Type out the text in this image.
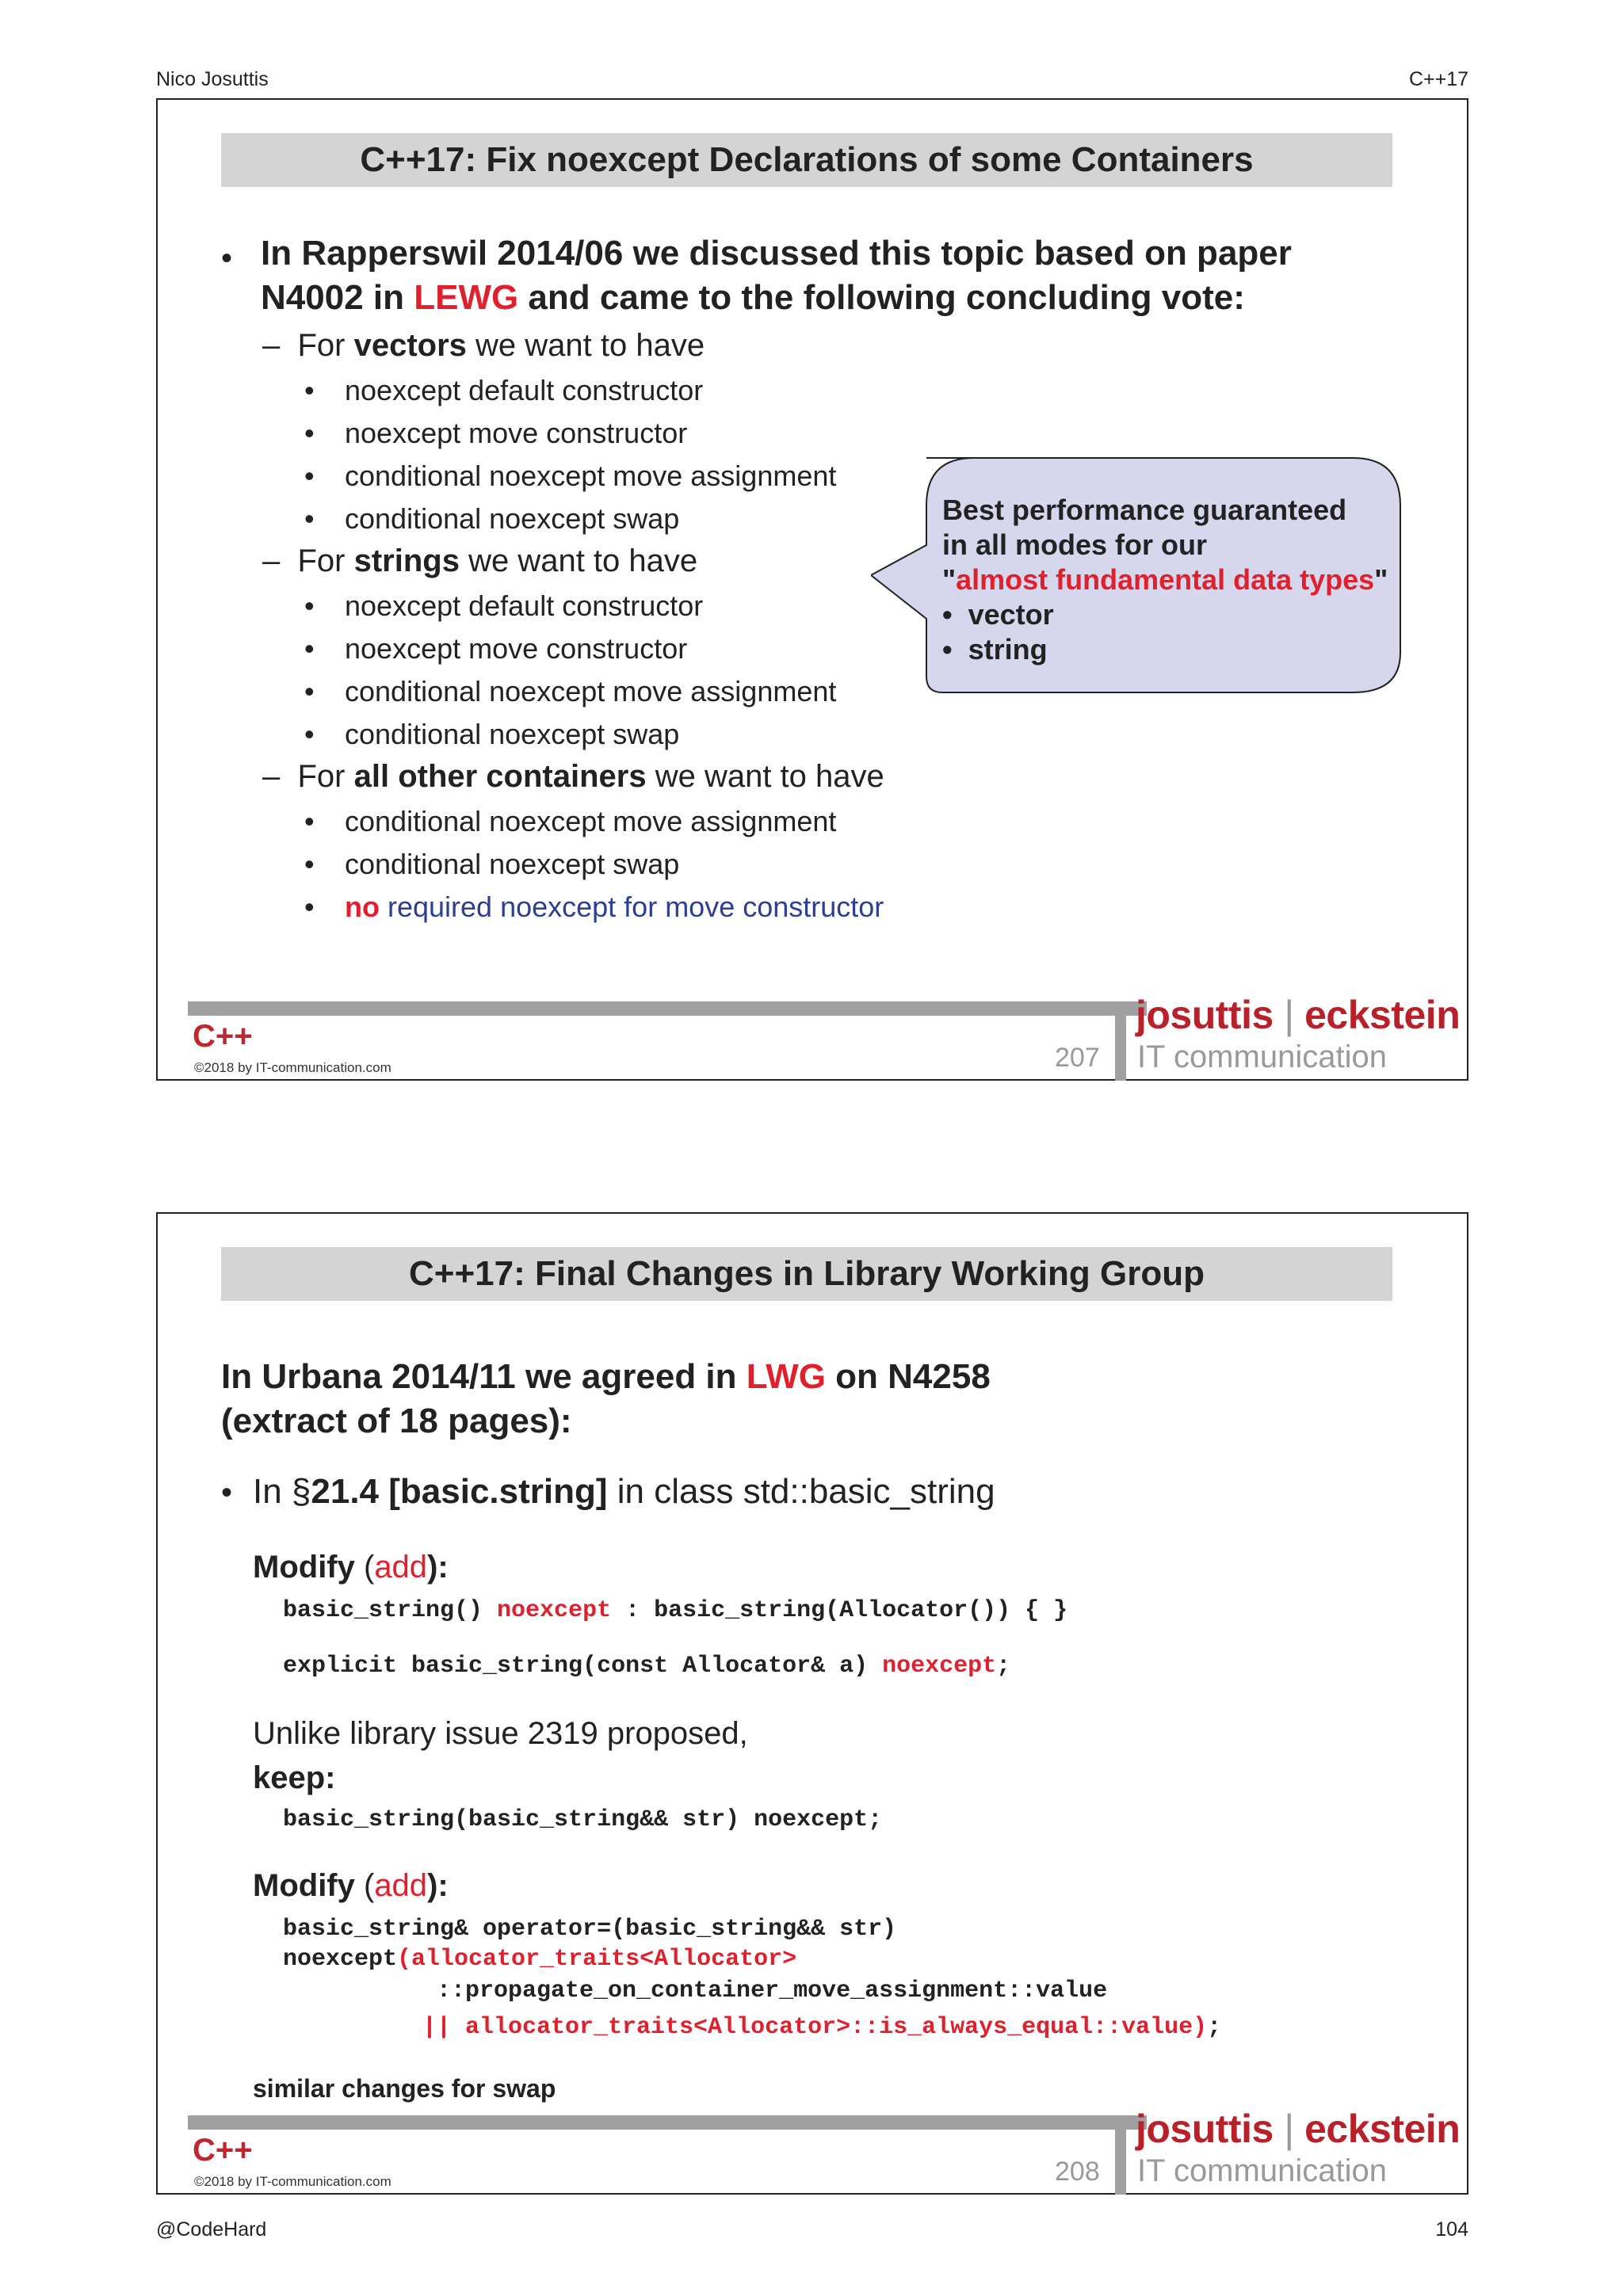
Nico Josuttis	C++17
C++17: Fix noexcept Declarations of some Containers
• In Rapperswil 2014/06 we discussed this topic based on paper
N4002 in LEWG and came to the following concluding vote:
–  For vectors we want to have
• noexcept default constructor
• noexcept move constructor
• conditional noexcept move assignment
• conditional noexcept swap
–  For strings we want to have
• noexcept default constructor
• noexcept move constructor
• conditional noexcept move assignment
• conditional noexcept swap
–  For all other containers we want to have
• conditional noexcept move assignment
• conditional noexcept swap
• no required noexcept for move constructor
Best performance guaranteed
in all modes for our
"almost fundamental data types"
•  vector
•  string
C++
©2018 by IT-communication.com	207
josuttis | eckstein
IT communication
C++17: Final Changes in Library Working Group
In Urbana 2014/11 we agreed in LWG on N4258
(extract of 18 pages):
• In §21.4 [basic.string] in class std::basic_string
Modify (add):
basic_string() noexcept : basic_string(Allocator()) { }
explicit basic_string(const Allocator& a) noexcept;
Unlike library issue 2319 proposed,
keep:
basic_string(basic_string&& str) noexcept;
Modify (add):
basic_string& operator=(basic_string&& str)
noexcept(allocator_traits<Allocator>
::propagate_on_container_move_assignment::value
|| allocator_traits<Allocator>::is_always_equal::value);
similar changes for swap
C++
©2018 by IT-communication.com	208
josuttis | eckstein
IT communication
@CodeHard	104
